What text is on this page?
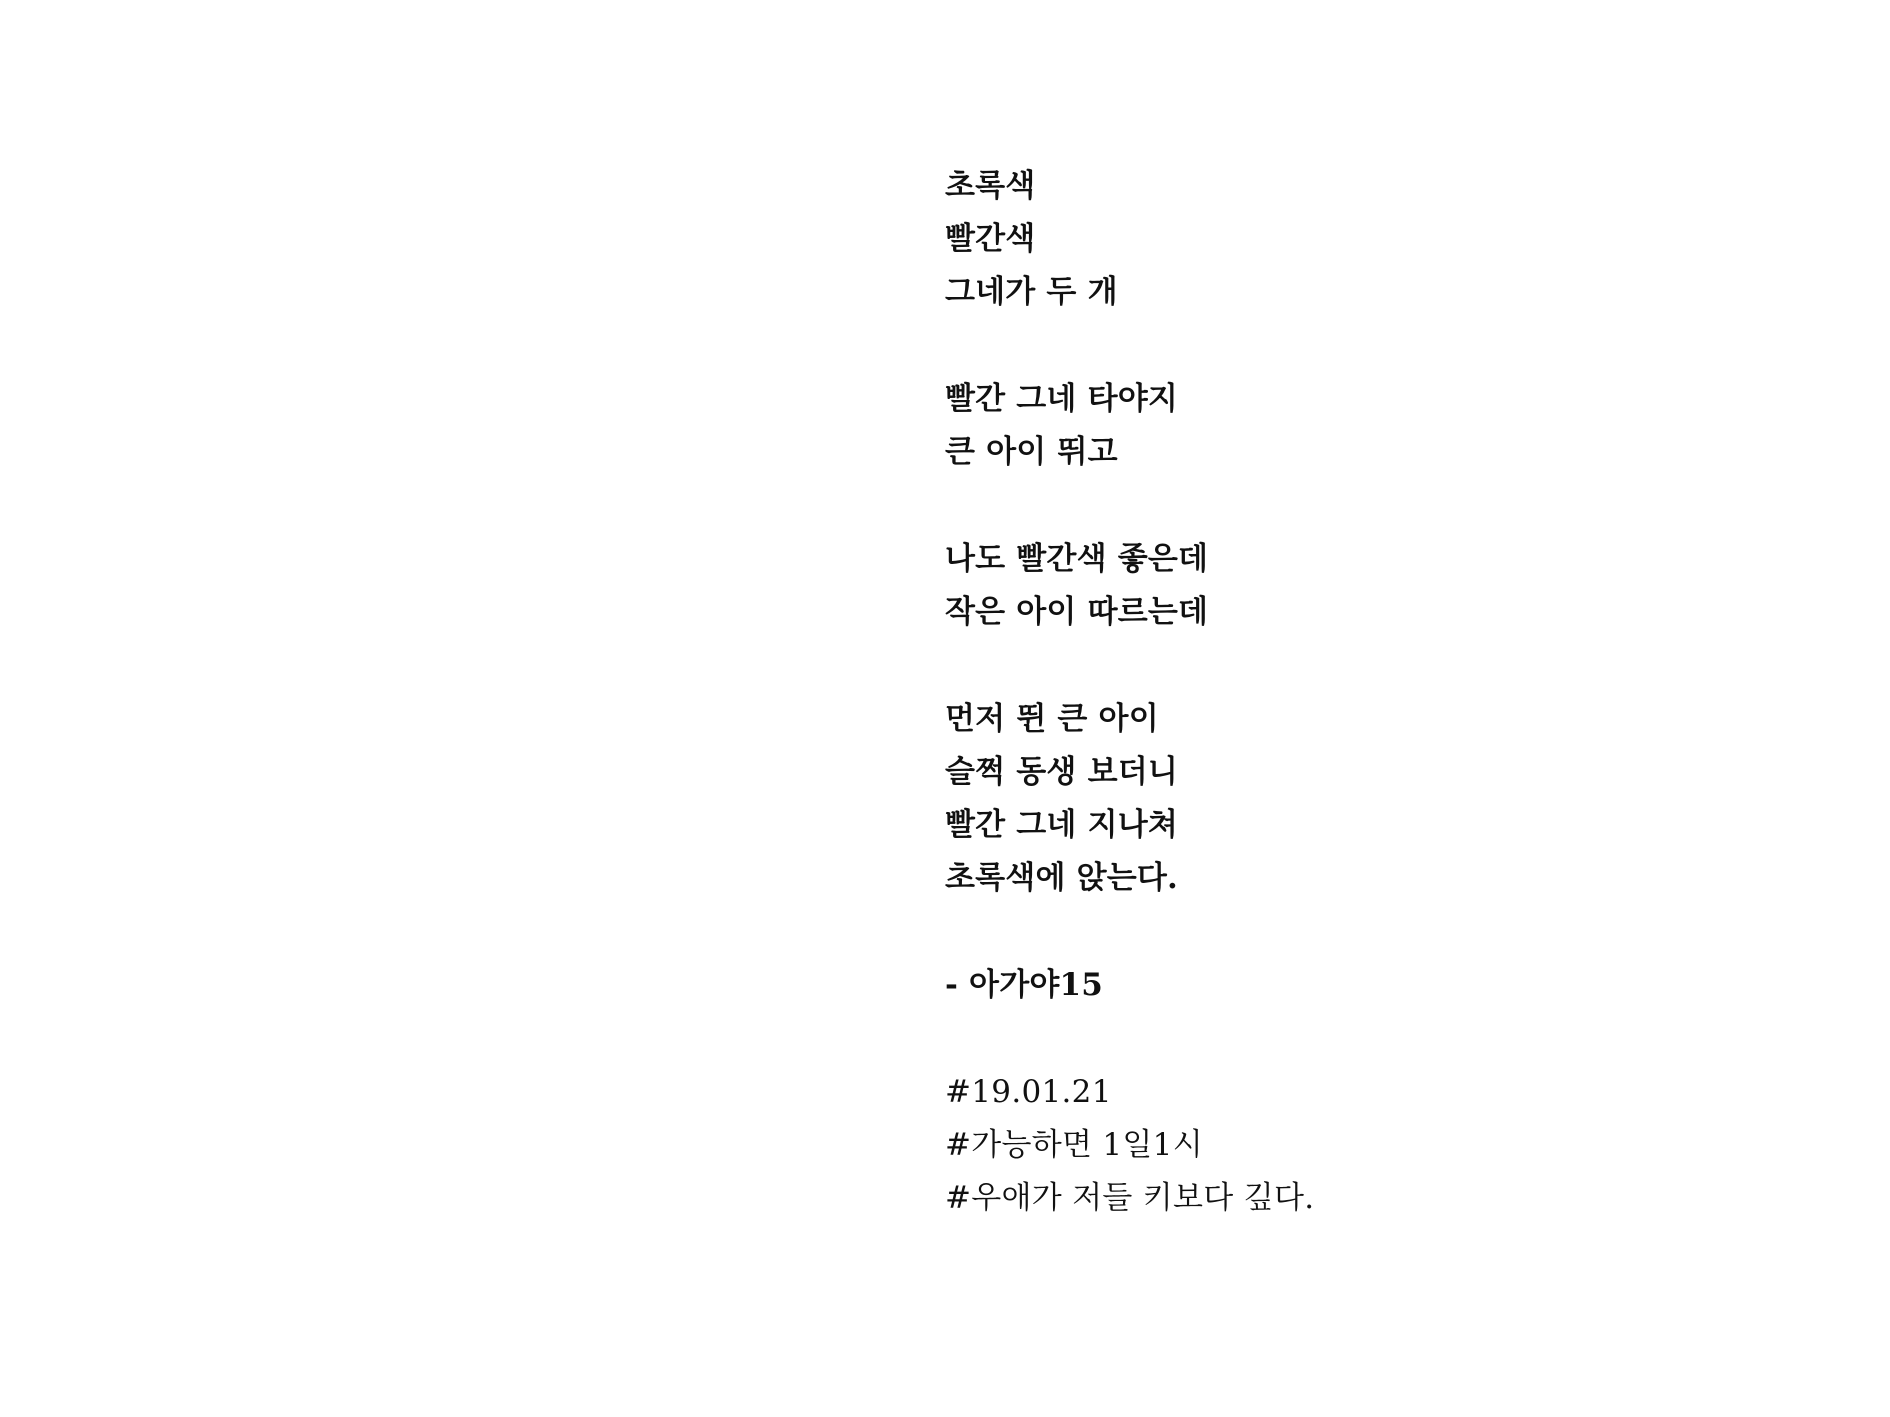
초록색
빨간색
그네가 두 개
빨간 그네 타야지
큰 아이 뛰고
나도 빨간색 좋은데
작은 아이 따르는데
먼저 뛴 큰 아이
슬쩍 동생 보더니
빨간 그네 지나쳐
초록색에 앉는다.
- 아가야15
#19.01.21
#가능하면 1일1시
#우애가 저들 키보다 깊다.
